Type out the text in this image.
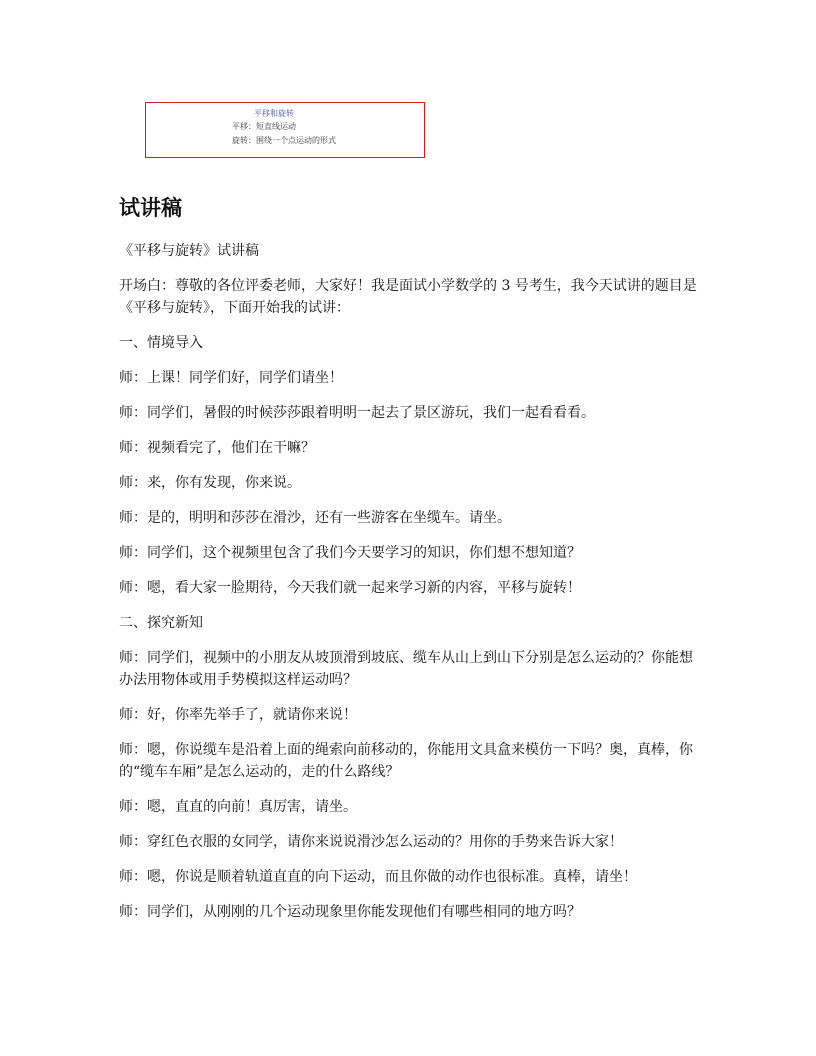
平移和旋转
平移：短直线运动
旋转：围绕一个点运动的形式
试讲稿

《平移与旋转》试讲稿

开场白：尊敬的各位评委老师，大家好！我是面试小学数学的 3 号考生，我今天试讲的题目是《平移与旋转》，下面开始我的试讲：

一、情境导入

师：上课！同学们好，同学们请坐！

师：同学们，暑假的时候莎莎跟着明明一起去了景区游玩，我们一起看看看。

师：视频看完了，他们在干嘛？

师：来，你有发现，你来说。

师：是的，明明和莎莎在滑沙，还有一些游客在坐缆车。请坐。

师：同学们，这个视频里包含了我们今天要学习的知识，你们想不想知道？

师：嗯，看大家一脸期待，今天我们就一起来学习新的内容，平移与旋转！

二、探究新知

师：同学们，视频中的小朋友从坡顶滑到坡底、缆车从山上到山下分别是怎么运动的？你能想办法用物体或用手势模拟这样运动吗？

师：好，你率先举手了，就请你来说！

师：嗯，你说缆车是沿着上面的绳索向前移动的，你能用文具盒来模仿一下吗？奥，真棒，你的“缆车车厢”是怎么运动的，走的什么路线？

师：嗯，直直的向前！真厉害，请坐。

师：穿红色衣服的女同学，请你来说说滑沙怎么运动的？用你的手势来告诉大家！

师：嗯，你说是顺着轨道直直的向下运动，而且你做的动作也很标准。真棒，请坐！

师：同学们，从刚刚的几个运动现象里你能发现他们有哪些相同的地方吗？
